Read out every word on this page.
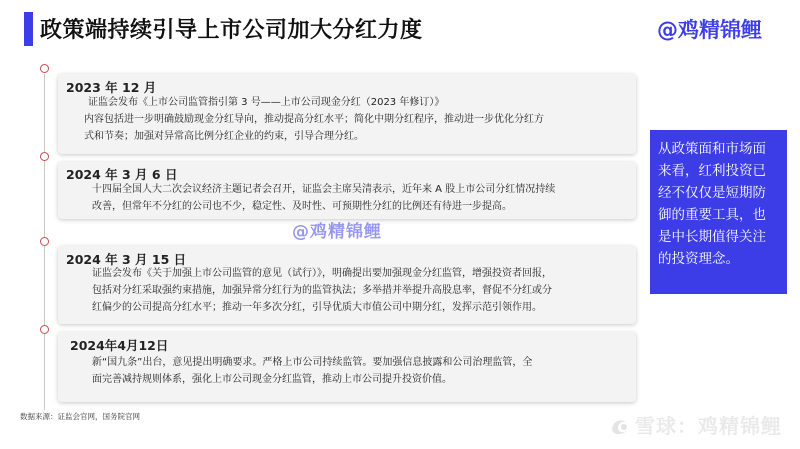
政策端持续引导上市公司加大分红力度	@鸡精锦鲤
2023 年 12 月
证监会发布《上市公司监管指引第 3 号——上市公司现金分红（2023 年修订）》
内容包括进一步明确鼓励现金分红导向，推动提高分红水平；简化中期分红程序，推动进一步优化分红方
式和节奏；加强对异常高比例分红企业的约束，引导合理分红。
2024 年 3 月 6 日
十四届全国人大二次会议经济主题记者会召开，证监会主席吴清表示，近年来 A 股上市公司分红情况持续
改善，但常年不分红的公司也不少，稳定性、及时性、可预期性分红的比例还有待进一步提高。
2024 年 3 月 15 日
证监会发布《关于加强上市公司监管的意见（试行）》，明确提出要加强现金分红监管，增强投资者回报，
包括对分红采取强约束措施，加强异常分红行为的监管执法；多举措并举提升高股息率，督促不分红或分
红偏少的公司提高分红水平；推动一年多次分红，引导优质大市值公司中期分红，发挥示范引领作用。
2024年4月12日
新“国九条”出台，意见提出明确要求。严格上市公司持续监管。要加强信息披露和公司治理监管，全
面完善减持规则体系，强化上市公司现金分红监管，推动上市公司提升投资价值。
@鸡精锦鲤
从政策面和市场面
来看，红利投资已
经不仅仅是短期防
御的重要工具，也
是中长期值得关注
的投资理念。
数据来源：证监会官网，国务院官网	雪球：鸡精锦鲤
